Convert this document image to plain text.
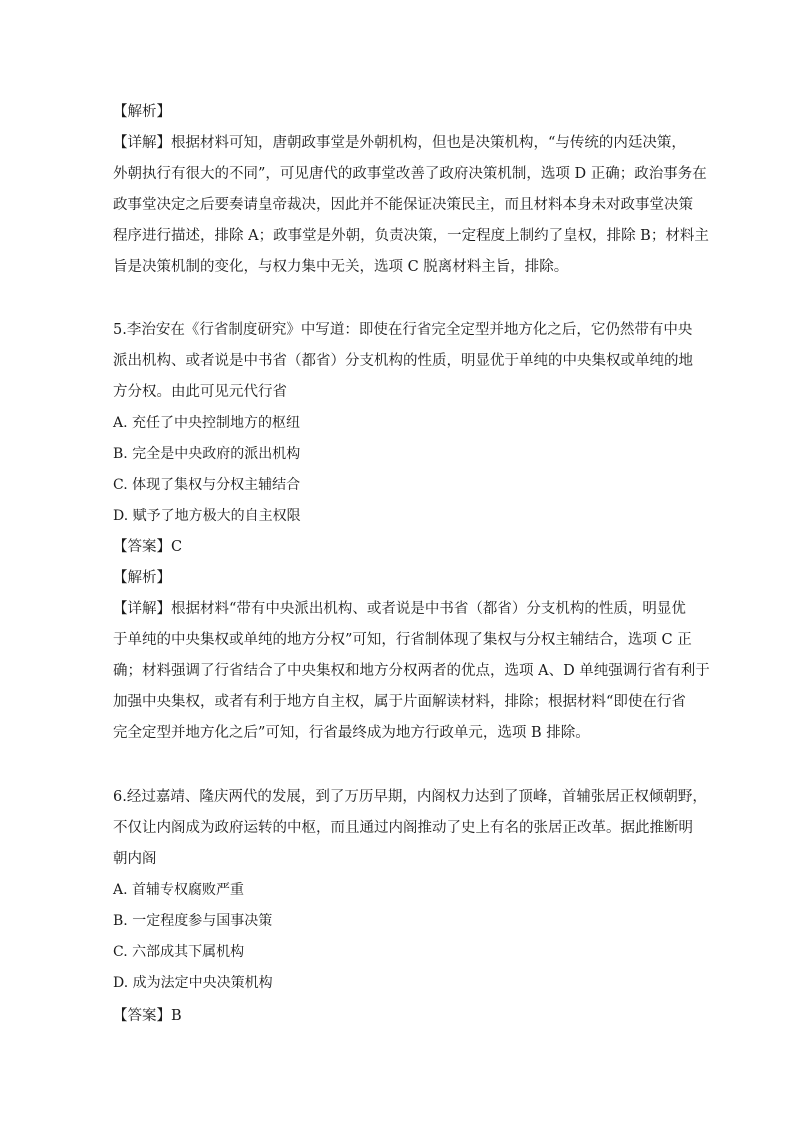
【解析】
【详解】根据材料可知，唐朝政事堂是外朝机构，但也是决策机构，“与传统的内廷决策，
外朝执行有很大的不同”，可见唐代的政事堂改善了政府决策机制，选项 D 正确；政治事务在
政事堂决定之后要奏请皇帝裁决，因此并不能保证决策民主，而且材料本身未对政事堂决策
程序进行描述，排除 A；政事堂是外朝，负责决策，一定程度上制约了皇权，排除 B；材料主
旨是决策机制的变化，与权力集中无关，选项 C 脱离材料主旨，排除。
5.李治安在《行省制度研究》中写道：即使在行省完全定型并地方化之后，它仍然带有中央
派出机构、或者说是中书省（都省）分支机构的性质，明显优于单纯的中央集权或单纯的地
方分权。由此可见元代行省
A. 充任了中央控制地方的枢纽
B. 完全是中央政府的派出机构
C. 体现了集权与分权主辅结合
D. 赋予了地方极大的自主权限
【答案】C
【解析】
【详解】根据材料“带有中央派出机构、或者说是中书省（都省）分支机构的性质，明显优
于单纯的中央集权或单纯的地方分权”可知，行省制体现了集权与分权主辅结合，选项 C 正
确；材料强调了行省结合了中央集权和地方分权两者的优点，选项 A、D 单纯强调行省有利于
加强中央集权，或者有利于地方自主权，属于片面解读材料，排除；根据材料“即使在行省
完全定型并地方化之后”可知，行省最终成为地方行政单元，选项 B 排除。
6.经过嘉靖、隆庆两代的发展，到了万历早期，内阁权力达到了顶峰，首辅张居正权倾朝野，
不仅让内阁成为政府运转的中枢，而且通过内阁推动了史上有名的张居正改革。据此推断明
朝内阁
A. 首辅专权腐败严重
B. 一定程度参与国事决策
C. 六部成其下属机构
D. 成为法定中央决策机构
【答案】B
